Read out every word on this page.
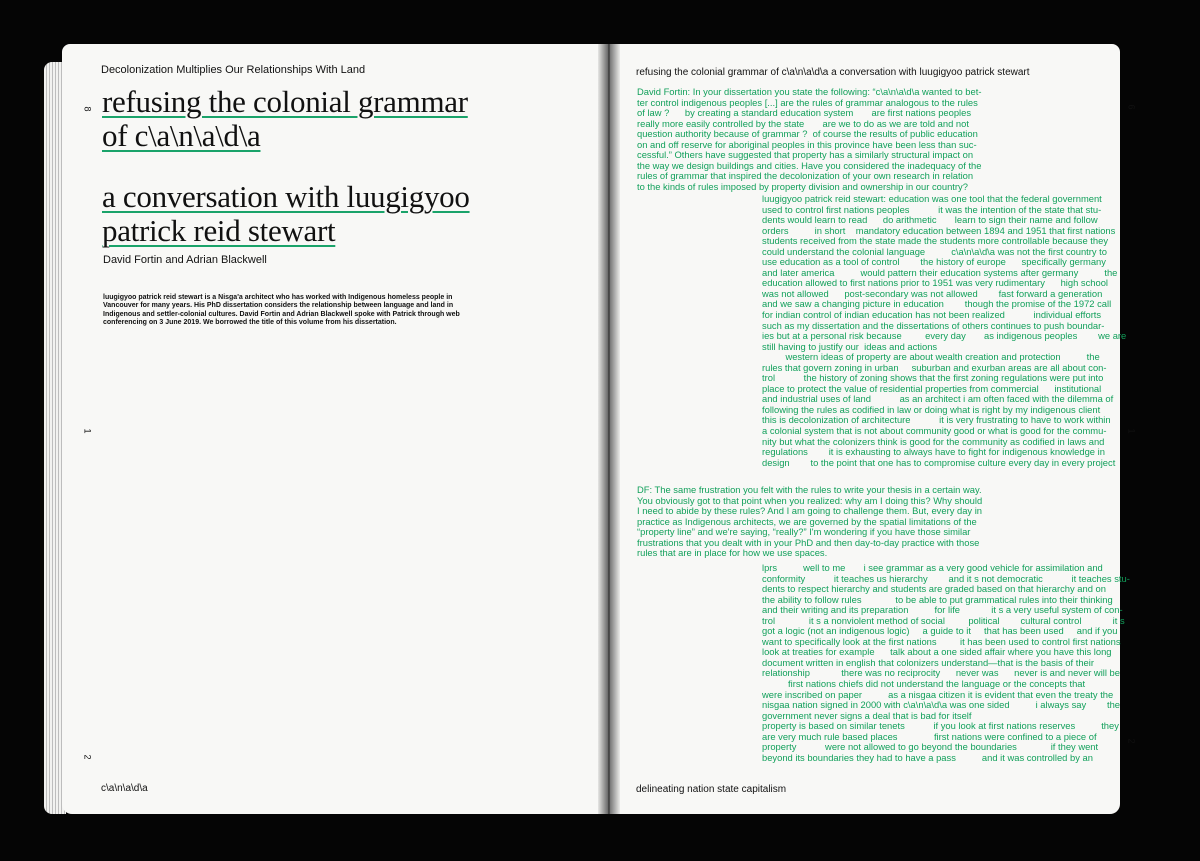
Decolonization Multiplies Our Relationships With Land
8
1
2
refusing the colonial grammar
of c\a\n\a\d\a
a conversation with luugigyoo
patrick reid stewart
David Fortin and Adrian Blackwell
luugigyoo patrick reid stewart is a Nisga'a architect who has worked with Indigenous homeless people in Vancouver for many years. His PhD dissertation considers the relationship between language and land in Indigenous and settler-colonial cultures. David Fortin and Adrian Blackwell spoke with Patrick through web conferencing on 3 June 2019. We borrowed the title of this volume from his dissertation.
c\a\n\a\d\a
refusing the colonial grammar of c\a\n\a\d\a a conversation with luugigyoo patrick stewart
6
1
2
David Fortin: In your dissertation you state the following: “c\a\n\a\d\a wanted to bet-
ter control indigenous peoples [...] are the rules of grammar analogous to the rules
of law ?      by creating a standard education system       are first nations peoples
really more easily controlled by the state       are we to do as we are told and not
question authority because of grammar ?  of course the results of public education
on and off reserve for aboriginal peoples in this province have been less than suc-
cessful.” Others have suggested that property has a similarly structural impact on
the way we design buildings and cities. Have you considered the inadequacy of the
rules of grammar that inspired the decolonization of your own research in relation
to the kinds of rules imposed by property division and ownership in our country?
luugigyoo patrick reid stewart: education was one tool that the federal government
used to control first nations peoples           it was the intention of the state that stu-
dents would learn to read      do arithmetic       learn to sign their name and follow
orders          in short    mandatory education between 1894 and 1951 that first nations
students received from the state made the students more controllable because they
could understand the colonial language          c\a\n\a\d\a was not the first country to
use education as a tool of control        the history of europe      specifically germany
and later america          would pattern their education systems after germany          the
education allowed to first nations prior to 1951 was very rudimentary      high school
was not allowed      post-secondary was not allowed        fast forward a generation
and we saw a changing picture in education        though the promise of the 1972 call
for indian control of indian education has not been realized           individual efforts
such as my dissertation and the dissertations of others continues to push boundar-
ies but at a personal risk because         every day       as indigenous peoples        we are
still having to justify our  ideas and actions
western ideas of property are about wealth creation and protection          the
rules that govern zoning in urban     suburban and exurban areas are all about con-
trol           the history of zoning shows that the first zoning regulations were put into
place to protect the value of residential properties from commercial      institutional
and industrial uses of land           as an architect i am often faced with the dilemma of
following the rules as codified in law or doing what is right by my indigenous client
this is decolonization of architecture           it is very frustrating to have to work within
a colonial system that is not about community good or what is good for the commu-
nity but what the colonizers think is good for the community as codified in laws and
regulations        it is exhausting to always have to fight for indigenous knowledge in
design        to the point that one has to compromise culture every day in every project
DF: The same frustration you felt with the rules to write your thesis in a certain way.
You obviously got to that point when you realized: why am I doing this? Why should
I need to abide by these rules? And I am going to challenge them. But, every day in
practice as Indigenous architects, we are governed by the spatial limitations of the
“property line” and we're saying, “really?” I'm wondering if you have those similar
frustrations that you dealt with in your PhD and then day-to-day practice with those
rules that are in place for how we use spaces.
lprs          well to me       i see grammar as a very good vehicle for assimilation and
conformity           it teaches us hierarchy        and it s not democratic           it teaches stu-
dents to respect hierarchy and students are graded based on that hierarchy and on
the ability to follow rules             to be able to put grammatical rules into their thinking
and their writing and its preparation          for life            it s a very useful system of con-
trol             it s a nonviolent method of social         political        cultural control            it s
got a logic (not an indigenous logic)     a guide to it     that has been used     and if you
want to specifically look at the first nations         it has been used to control first nations
look at treaties for example      talk about a one sided affair where you have this long
document written in english that colonizers understand—that is the basis of their
relationship            there was no reciprocity      never was      never is and never will be
first nations chiefs did not understand the language or the concepts that
were inscribed on paper          as a nisgaa citizen it is evident that even the treaty the
nisgaa nation signed in 2000 with c\a\n\a\d\a was one sided          i always say        the
government never signs a deal that is bad for itself
property is based on similar tenets           if you look at first nations reserves          they
are very much rule based places              first nations were confined to a piece of
property           were not allowed to go beyond the boundaries             if they went
beyond its boundaries they had to have a pass          and it was controlled by an
delineating nation state capitalism
